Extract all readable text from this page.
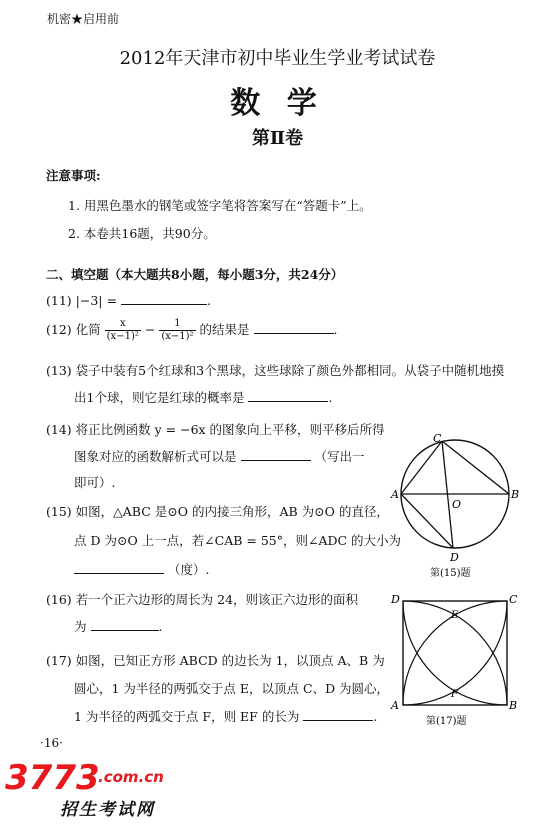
机密★启用前
2012年天津市初中毕业生学业考试试卷
数 学
第Ⅱ卷
注意事项:
1. 用黑色墨水的钢笔或签字笔将答案写在“答题卡”上。
2. 本卷共16题，共90分。
二、填空题（本大题共8小题，每小题3分，共24分）
(11) |−3| =	.
(12) 化简 $\frac{x}{\text{(x−1)²}} - \frac{1}{\text{(x−1)²}}$ 的结果是	.
(13) 袋子中装有5个红球和3个黑球，这些球除了颜色外都相同。从袋子中随机地摸
出1个球，则它是红球的概率是	.
(14) 将正比例函数 y = −6x 的图象向上平移，则平移后所得
图象对应的函数解析式可以是	（写出一
即可）.
(15) 如图，△ABC 是⊙O 的内接三角形，AB 为⊙O 的直径，
点 D 为⊙O 上一点，若∠CAB = 55°，则∠ADC 的大小为
（度）.
(16) 若一个正六边形的周长为 24，则该正六边形的面积
为	.
(17) 如图，已知正方形 ABCD 的边长为 1，以顶点 A、B 为
圆心，1 为半径的两弧交于点 E，以顶点 C、D 为圆心，
1 为半径的两弧交于点 F，则 EF 的长为	.
C
A	B
O
D
第(15)题
D	C
A	B
E
F
第(17)题
·16·
3773
.com.cn
招生考试网
